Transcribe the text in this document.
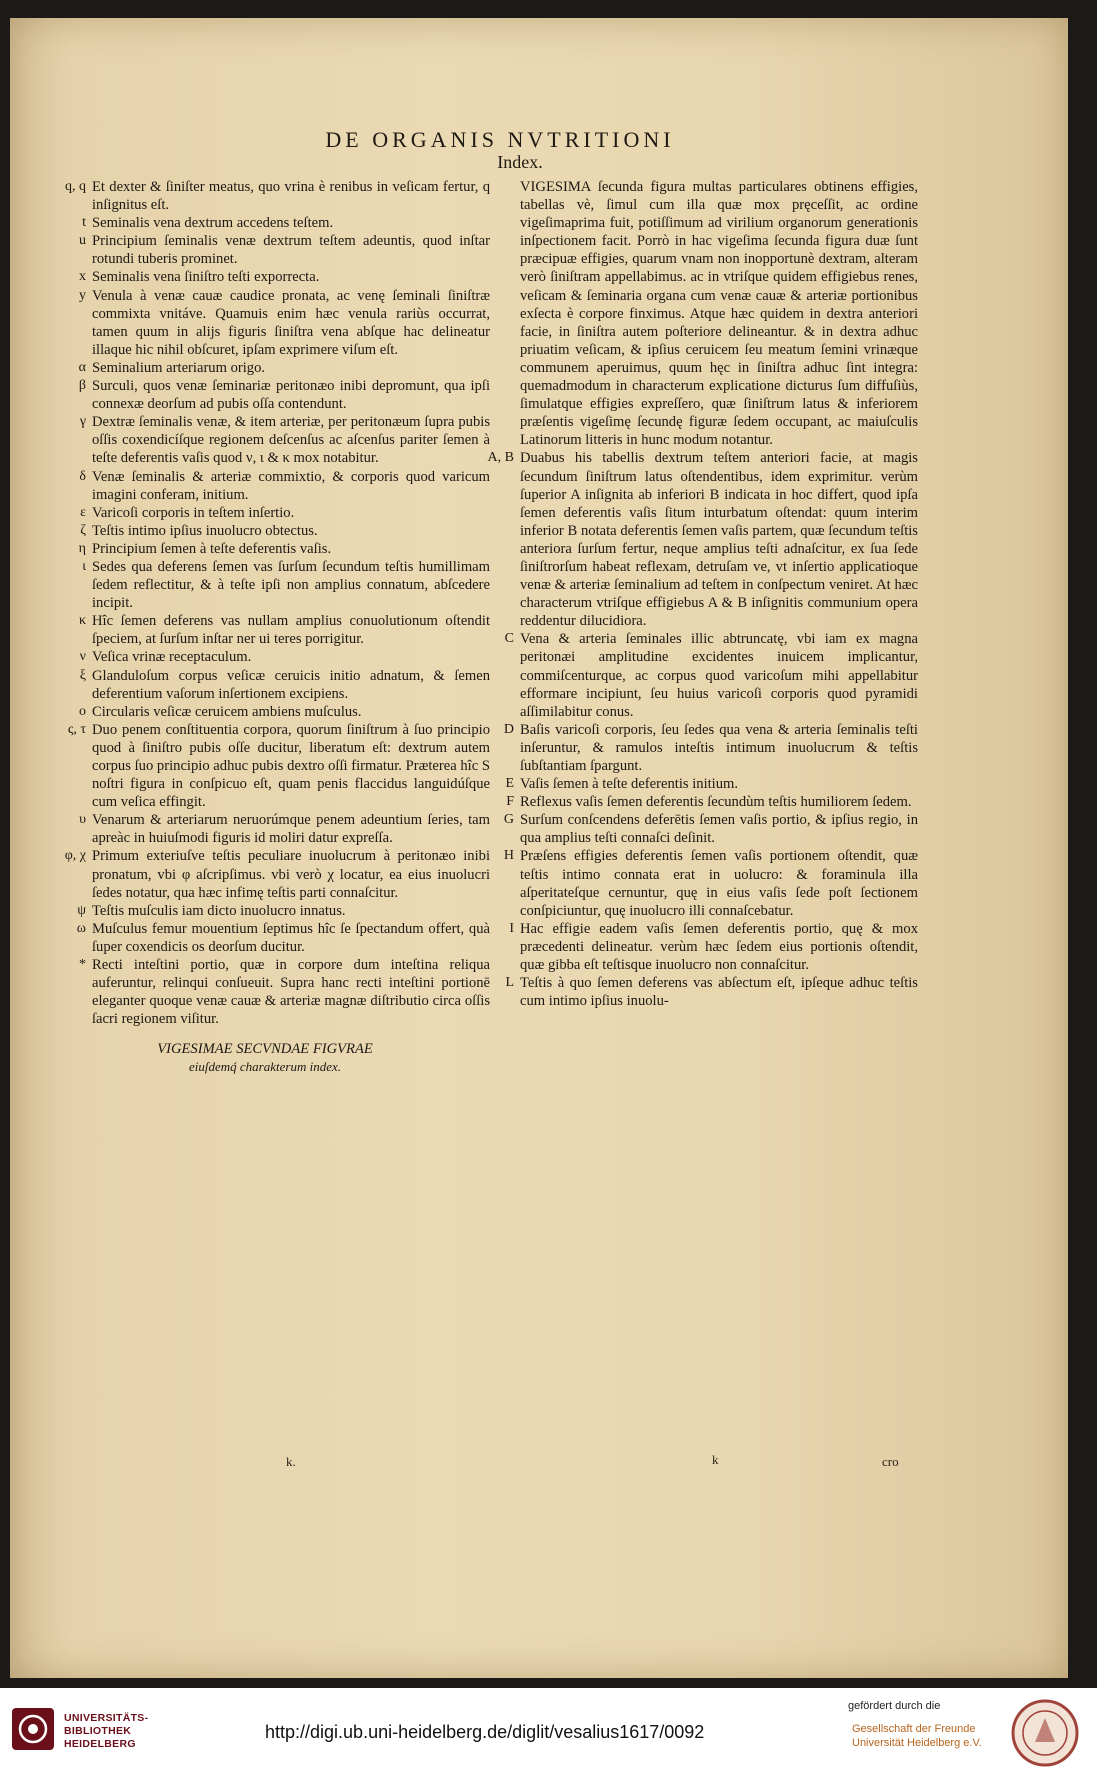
DE ORGANIS NVTRITIONI
Index.
q, q Et dexter & ſiniſter meatus, quo vrina è renibus in veſicam fertur, q inſignitus eſt.
t Seminalis vena dextrum accedens teſtem.
u Principium ſeminalis venæ dextrum teſtem adeuntis, quod inſtar rotundi tuberis prominet.
x Seminalis vena ſiniſtro teſti exporrecta.
y Venula à venæ cauæ caudice pronata, ac venę ſeminali ſiniſtræ commixta vnitáve. Quamuis enim hæc venula rariùs occurrat, tamen quum in alijs figuris ſiniſtra vena abſque hac delineatur illaque hic nihil obſcuret, ipſam exprimere viſum eſt.
α Seminalium arteriarum origo.
β Surculi, quos venæ ſeminariæ peritonæo inibi depromunt, qua ipſi connexæ deorſum ad pubis oſſa contendunt.
γ Dextræ ſeminalis venæ, & item arteriæ, per peritonæum ſupra pubis oſſis coxendicíſque regionem deſcenſus ac aſcenſus pariter ſemen à teſte deferentis vaſis quod ν, ι & κ mox notabitur.
δ Venæ ſeminalis & arteriæ commixtio, & corporis quod varicum imagini conferam, initium.
ε Varicoſi corporis in teſtem inſertio.
ζ Teſtis intimo ipſius inuolucro obtectus.
η Principium ſemen à teſte deferentis vaſis.
ι Sedes qua deferens ſemen vas ſurſum ſecundum teſtis humillimam ſedem reflectitur, & à teſte ipſi non amplius connatum, abſcedere incipit.
κ Hîc ſemen deferens vas nullam amplius conuolutionum oſtendit ſpeciem, at ſurſum inſtar ner ui teres porrigitur.
ν Veſica vrinæ receptaculum.
ξ Glanduloſum corpus veſicæ ceruicis initio adnatum, & ſemen deferentium vaſorum inſertionem excipiens.
ο Circularis veſicæ ceruicem ambiens muſculus.
ς, τ Duo penem conſtituentia corpora, quorum ſiniſtrum à ſuo principio quod à ſiniſtro pubis oſſe ducitur, liberatum eſt: dextrum autem corpus ſuo principio adhuc pubis dextro oſſi firmatur. Præterea hîc S noſtri figura in conſpicuo eſt, quam penis flaccidus languidúſque cum veſica effingit.
υ Venarum & arteriarum neruorúmque penem adeuntium ſeries, tam apreàc in huiuſmodi figuris id moliri datur expreſſa.
φ, χ Primum exteriuſve teſtis peculiare inuolucrum à peritonæo inibi pronatum, vbi φ aſcripſimus. vbi verò χ locatur, ea eius inuolucri ſedes notatur, qua hæc infimę teſtis parti connaſcitur.
ψ Teſtis muſculis iam dicto inuolucro innatus.
ω Muſculus femur mouentium ſeptimus hîc ſe ſpectandum offert, quà ſuper coxendicis os deorſum ducitur.
* Recti inteſtini portio, quæ in corpore dum inteſtina reliqua auferuntur, relinqui conſueuit. Supra hanc recti inteſtini portionē eleganter quoque venæ cauæ & arteriæ magnæ diſtributio circa oſſis ſacri regionem viſitur.
VIGESIMAE SECVNDAE FIGVRAE
eiuſdemq́ charakterum index.

VIGESIMA ſecunda figura multas particulares obtinens effigies, tabellas vè, ſimul cum illa quæ mox pręceſſit, ac ordine vigeſimaprima fuit, potiſſimum ad virilium organorum generationis inſpectionem facit. Porrò in hac vigeſima ſecunda figura duæ ſunt præcipuæ effigies, quarum vnam non inopportunè dextram, alteram verò ſiniſtram appellabimus. ac in vtriſque quidem effigiebus renes, veſicam & ſeminaria organa cum venæ cauæ & arteriæ portionibus exſecta è corpore finximus. Atque hæc quidem in dextra anteriori facie, in ſiniſtra autem poſteriore delineantur. & in dextra adhuc priuatim veſicam, & ipſius ceruicem ſeu meatum ſemini vrinæque communem aperuimus, quum hęc in ſiniſtra adhuc ſint integra: quemadmodum in characterum explicatione dicturus ſum diffuſiùs, ſimulatque effigies expreſſero, quæ ſiniſtrum latus & inferiorem præſentis vigeſimę ſecundę figuræ ſedem occupant, ac maiuſculis Latinorum litteris in hunc modum notantur.

A, B Duabus his tabellis dextrum teſtem anteriori facie, at magis ſecundum ſiniſtrum latus oſtendentibus, idem exprimitur. verùm ſuperior A inſignita ab inferiori B indicata in hoc differt, quod ipſa ſemen deferentis vaſis ſitum inturbatum oſtendat: quum interim inferior B notata deferentis ſemen vaſis partem, quæ ſecundum teſtis anteriora ſurſum fertur, neque amplius teſti adnaſcitur, ex ſua ſede ſiniſtrorſum habeat reflexam, detruſam ve, vt inſertio applicatioque venæ & arteriæ ſeminalium ad teſtem in conſpectum veniret. At hæc characterum vtriſque effigiebus A & B inſignitis communium opera reddentur dilucidiora.
C Vena & arteria ſeminales illic abtruncatę, vbi iam ex magna peritonæi amplitudine excidentes inuicem implicantur, commiſcenturque, ac corpus quod varicoſum mihi appellabitur efformare incipiunt, ſeu huius varicoſi corporis quod pyramidi aſſimilabitur conus.
D Baſis varicoſi corporis, ſeu ſedes qua vena & arteria ſeminalis teſti inſeruntur, & ramulos inteſtis intimum inuolucrum & teſtis ſubſtantiam ſpargunt.
E Vaſis ſemen à teſte deferentis initium.
F Reflexus vaſis ſemen deferentis ſecundùm teſtis humiliorem ſedem.
G Surſum conſcendens deferētis ſemen vaſis portio, & ipſius regio, in qua amplius teſti connaſci deſinit.
H Præſens effigies deferentis ſemen vaſis portionem oſtendit, quæ teſtis intimo connata erat in uolucro: & foraminula illa aſperitateſque cernuntur, quę in eius vaſis ſede poſt ſectionem conſpiciuntur, quę inuolucro illi connaſcebatur.
I Hac effigie eadem vaſis ſemen deferentis portio, quę & mox præcedenti delineatur. verùm hæc ſedem eius portionis oſtendit, quæ gibba eſt teſtisque inuolucro non connaſcitur.
L Teſtis à quo ſemen deferens vas abſectum eſt, ipſeque adhuc teſtis cum intimo ipſius inuolu-
k.	k	cro
UNIVERSITÄTS-
BIBLIOTHEK
HEIDELBERG
http://digi.ub.uni-heidelberg.de/diglit/vesalius1617/0092
gefördert durch die
Gesellschaft der Freunde
Universität Heidelberg e.V.
